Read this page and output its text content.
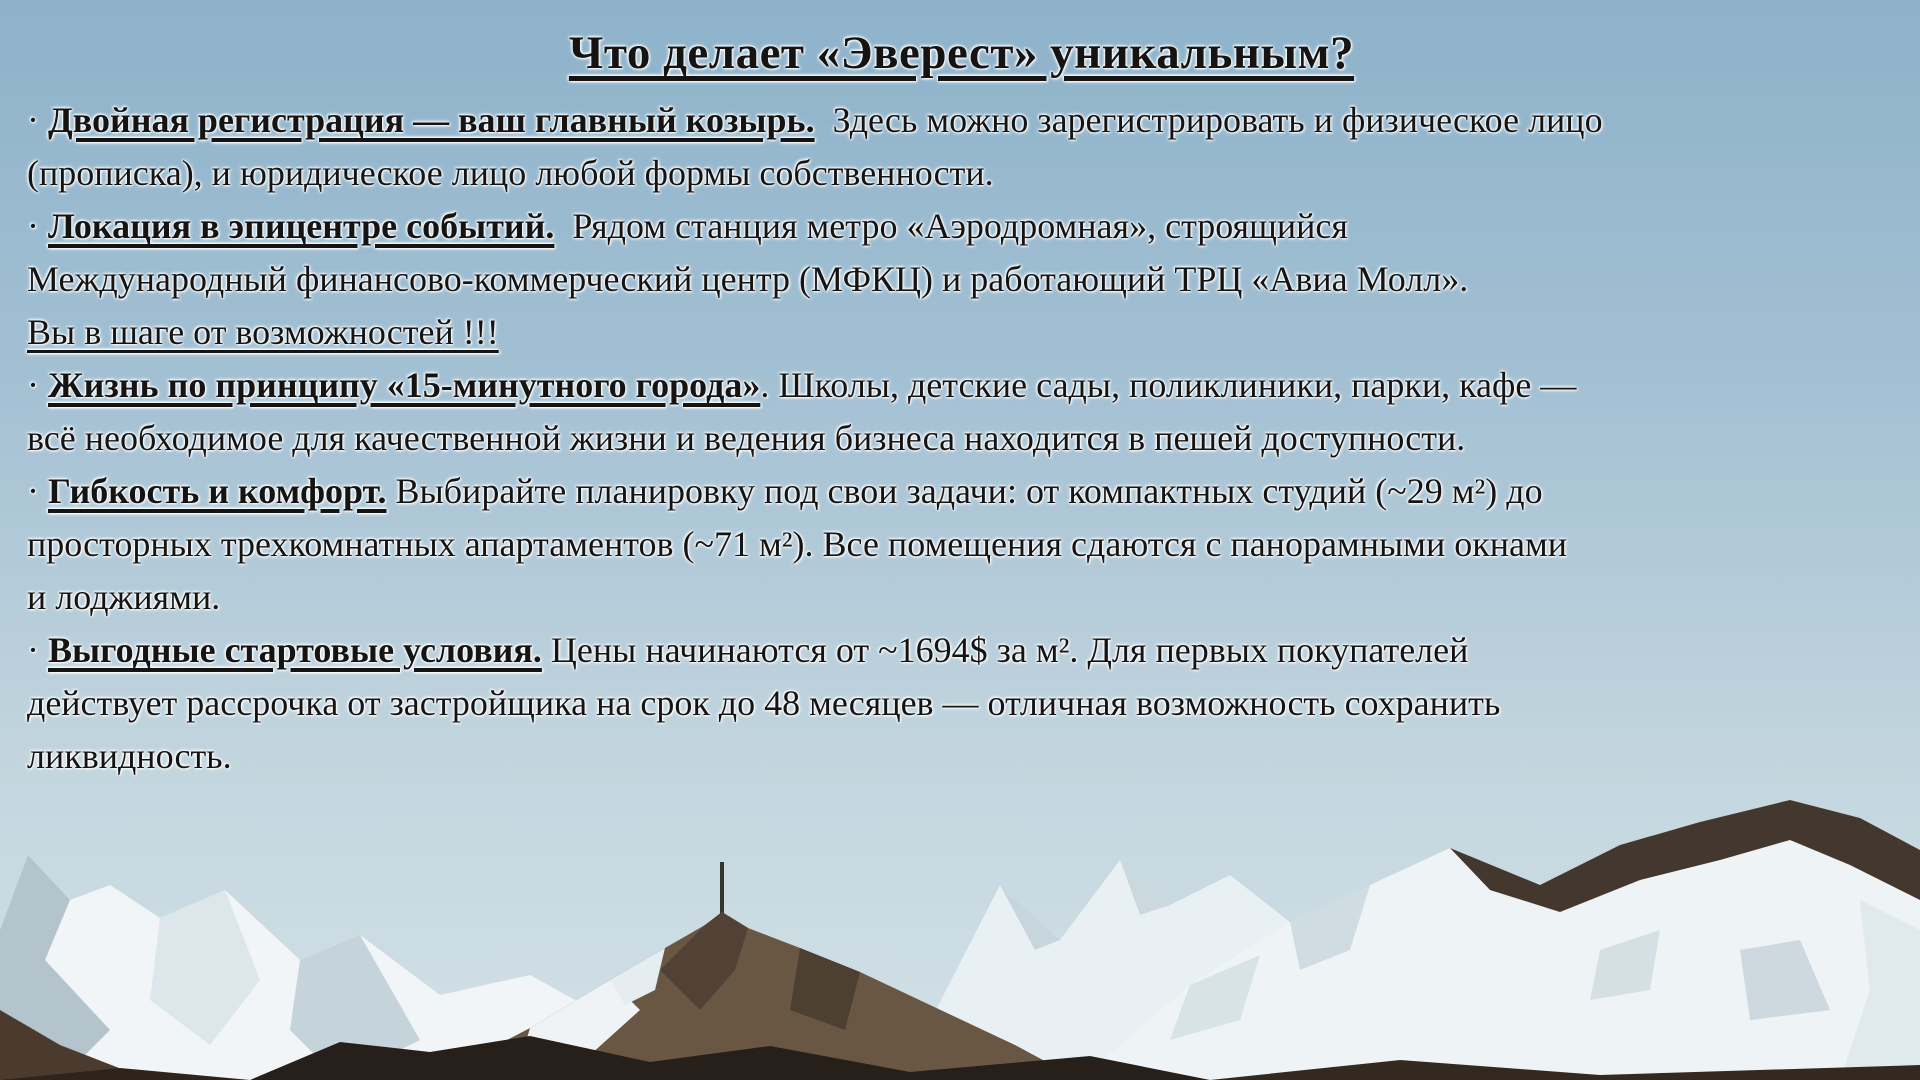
Что делает «Эверест» уникальным?
· Двойная регистрация — ваш главный козырь.  Здесь можно зарегистрировать и физическое лицо
(прописка), и юридическое лицо любой формы собственности.
· Локация в эпицентре событий.  Рядом станция метро «Аэродромная», строящийся
Международный финансово-коммерческий центр (МФКЦ) и работающий ТРЦ «Авиа Молл».
Вы в шаге от возможностей !!!
· Жизнь по принципу «15-минутного города». Школы, детские сады, поликлиники, парки, кафе —
всё необходимое для качественной жизни и ведения бизнеса находится в пешей доступности.
· Гибкость и комфорт. Выбирайте планировку под свои задачи: от компактных студий (~29 м²) до
просторных трехкомнатных апартаментов (~71 м²). Все помещения сдаются с панорамными окнами
и лоджиями.
· Выгодные стартовые условия. Цены начинаются от ~1694$ за м². Для первых покупателей
действует рассрочка от застройщика на срок до 48 месяцев — отличная возможность сохранить
ликвидность.
